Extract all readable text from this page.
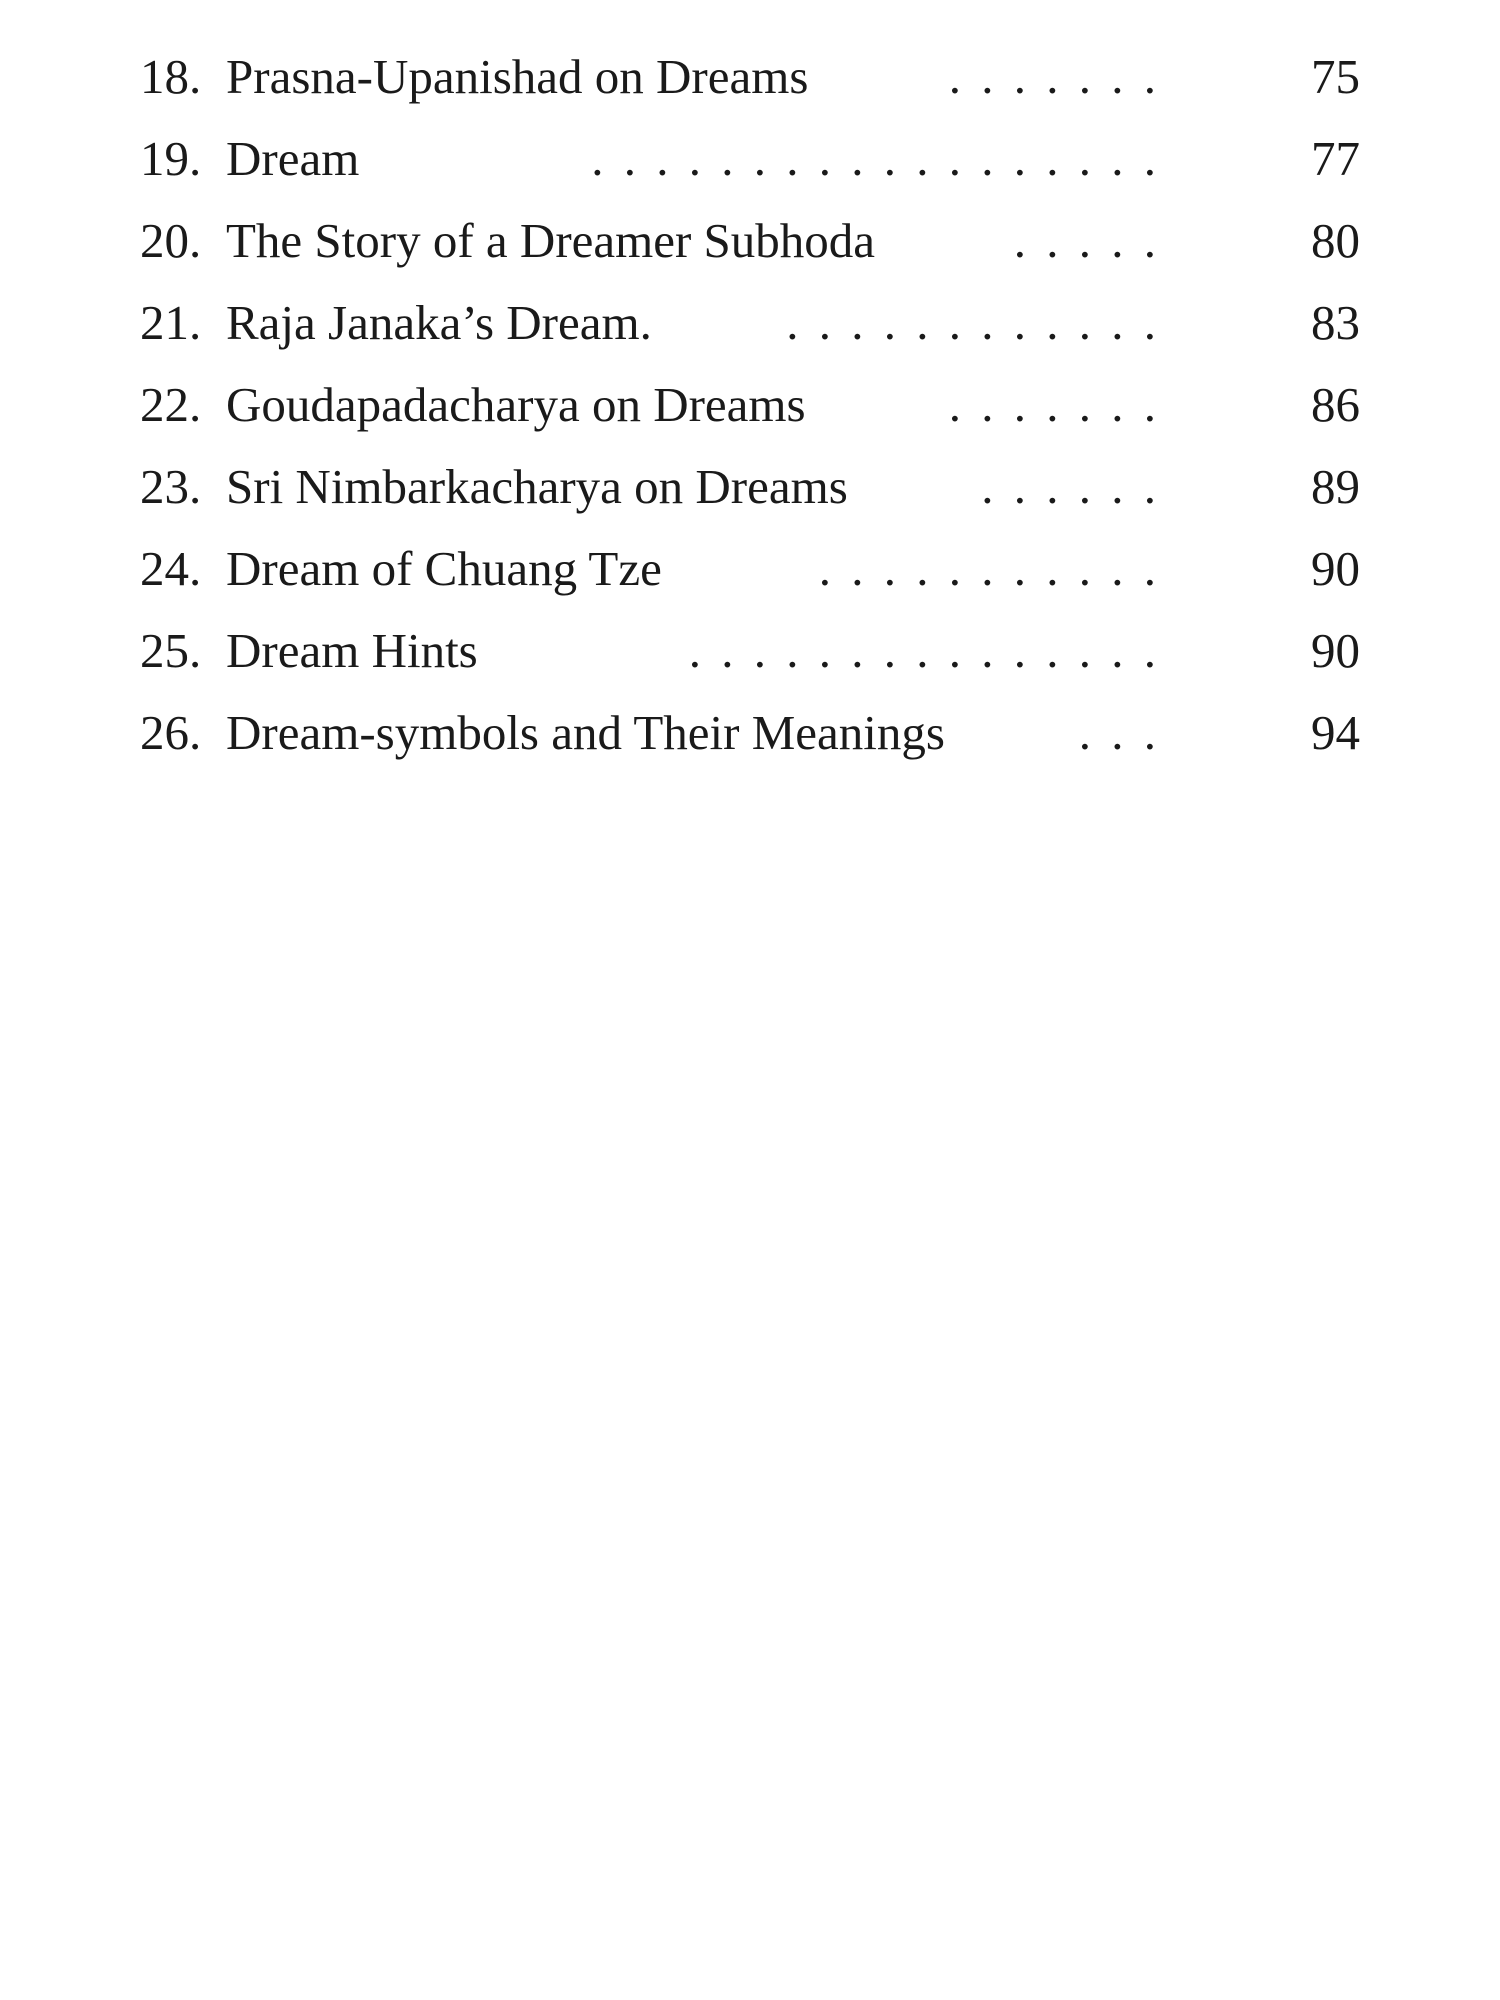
18. Prasna-Upanishad on Dreams	. . . . . . .	75
19. Dream	. . . . . . . . . . . . . . . . . .	77
20. The Story of a Dreamer Subhoda	. . . . .	80
21. Raja Janaka’s Dream.	. . . . . . . . . . . .	83
22. Goudapadacharya on Dreams	. . . . . . .	86
23. Sri Nimbarkacharya on Dreams	. . . . . .	89
24. Dream of Chuang Tze	. . . . . . . . . . .	90
25. Dream Hints	. . . . . . . . . . . . . . .	90
26. Dream-symbols and Their Meanings	. . .	94
